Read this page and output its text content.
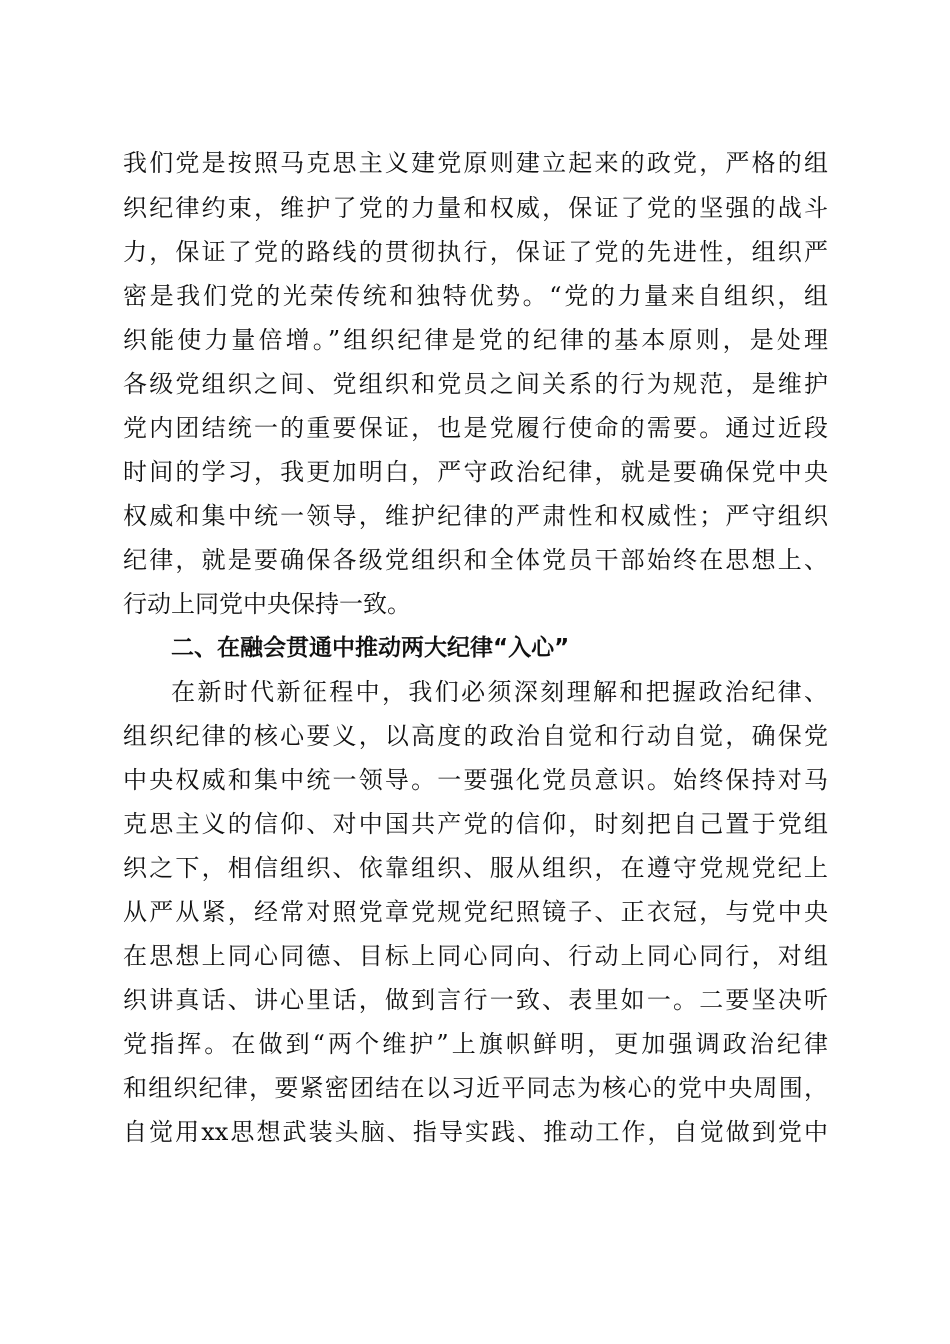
我们党是按照马克思主义建党原则建立起来的政党，严格的组
织纪律约束，维护了党的力量和权威，保证了党的坚强的战斗
力，保证了党的路线的贯彻执行，保证了党的先进性，组织严
密是我们党的光荣传统和独特优势。“党的力量来自组织，组
织能使力量倍增。”组织纪律是党的纪律的基本原则，是处理
各级党组织之间、党组织和党员之间关系的行为规范，是维护
党内团结统一的重要保证，也是党履行使命的需要。通过近段
时间的学习，我更加明白，严守政治纪律，就是要确保党中央
权威和集中统一领导，维护纪律的严肃性和权威性；严守组织
纪律，就是要确保各级党组织和全体党员干部始终在思想上、
行动上同党中央保持一致。
二、在融会贯通中推动两大纪律“入心”
在新时代新征程中，我们必须深刻理解和把握政治纪律、
组织纪律的核心要义，以高度的政治自觉和行动自觉，确保党
中央权威和集中统一领导。一要强化党员意识。始终保持对马
克思主义的信仰、对中国共产党的信仰，时刻把自己置于党组
织之下，相信组织、依靠组织、服从组织，在遵守党规党纪上
从严从紧，经常对照党章党规党纪照镜子、正衣冠，与党中央
在思想上同心同德、目标上同心同向、行动上同心同行，对组
织讲真话、讲心里话，做到言行一致、表里如一。二要坚决听
党指挥。在做到“两个维护”上旗帜鲜明，更加强调政治纪律
和组织纪律，要紧密团结在以习近平同志为核心的党中央周围，
自觉用xx思想武装头脑、指导实践、推动工作，自觉做到党中
